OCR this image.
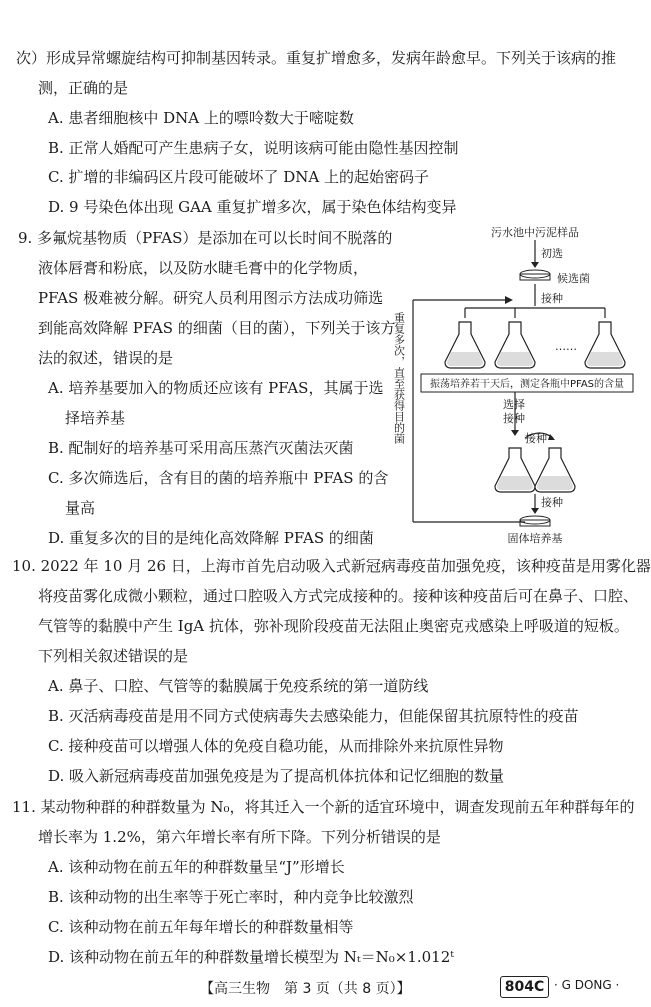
次）形成异常螺旋结构可抑制基因转录。重复扩增愈多，发病年龄愈早。下列关于该病的推
测，正确的是
A. 患者细胞核中 DNA 上的嘌呤数大于嘧啶数
B. 正常人婚配可产生患病子女，说明该病可能由隐性基因控制
C. 扩增的非编码区片段可能破坏了 DNA 上的起始密码子
D. 9 号染色体出现 GAA 重复扩增多次，属于染色体结构变异
9. 多氟烷基物质（PFAS）是添加在可以长时间不脱落的
液体唇膏和粉底，以及防水睫毛膏中的化学物质，
PFAS 极难被分解。研究人员利用图示方法成功筛选
到能高效降解 PFAS 的细菌（目的菌），下列关于该方
法的叙述，错误的是
A. 培养基要加入的物质还应该有 PFAS，其属于选
择培养基
B. 配制好的培养基可采用高压蒸汽灭菌法灭菌
C. 多次筛选后，含有目的菌的培养瓶中 PFAS 的含
量高
D. 重复多次的目的是纯化高效降解 PFAS 的细菌
重复多次，直至获得目的菌
污水池中污泥样品
初选
候选菌
接种
……
振荡培养若干天后，测定各瓶中PFAS的含量
选择
接种
接种
接种
固体培养基
10. 2022 年 10 月 26 日，上海市首先启动吸入式新冠病毒疫苗加强免疫，该种疫苗是用雾化器
将疫苗雾化成微小颗粒，通过口腔吸入方式完成接种的。接种该种疫苗后可在鼻子、口腔、
气管等的黏膜中产生 IgA 抗体，弥补现阶段疫苗无法阻止奥密克戎感染上呼吸道的短板。
下列相关叙述错误的是
A. 鼻子、口腔、气管等的黏膜属于免疫系统的第一道防线
B. 灭活病毒疫苗是用不同方式使病毒失去感染能力，但能保留其抗原特性的疫苗
C. 接种疫苗可以增强人体的免疫自稳功能，从而排除外来抗原性异物
D. 吸入新冠病毒疫苗加强免疫是为了提高机体抗体和记忆细胞的数量
11. 某动物种群的种群数量为 N₀，将其迁入一个新的适宜环境中，调查发现前五年种群每年的
增长率为 1.2%，第六年增长率有所下降。下列分析错误的是
A. 该种动物在前五年的种群数量呈“J”形增长
B. 该种动物的出生率等于死亡率时，种内竞争比较激烈
C. 该种动物在前五年每年增长的种群数量相等
D. 该种动物在前五年的种群数量增长模型为 Nₜ＝N₀×1.012ᵗ
【高三生物　第 3 页（共 8 页）】	804C · G DONG ·
